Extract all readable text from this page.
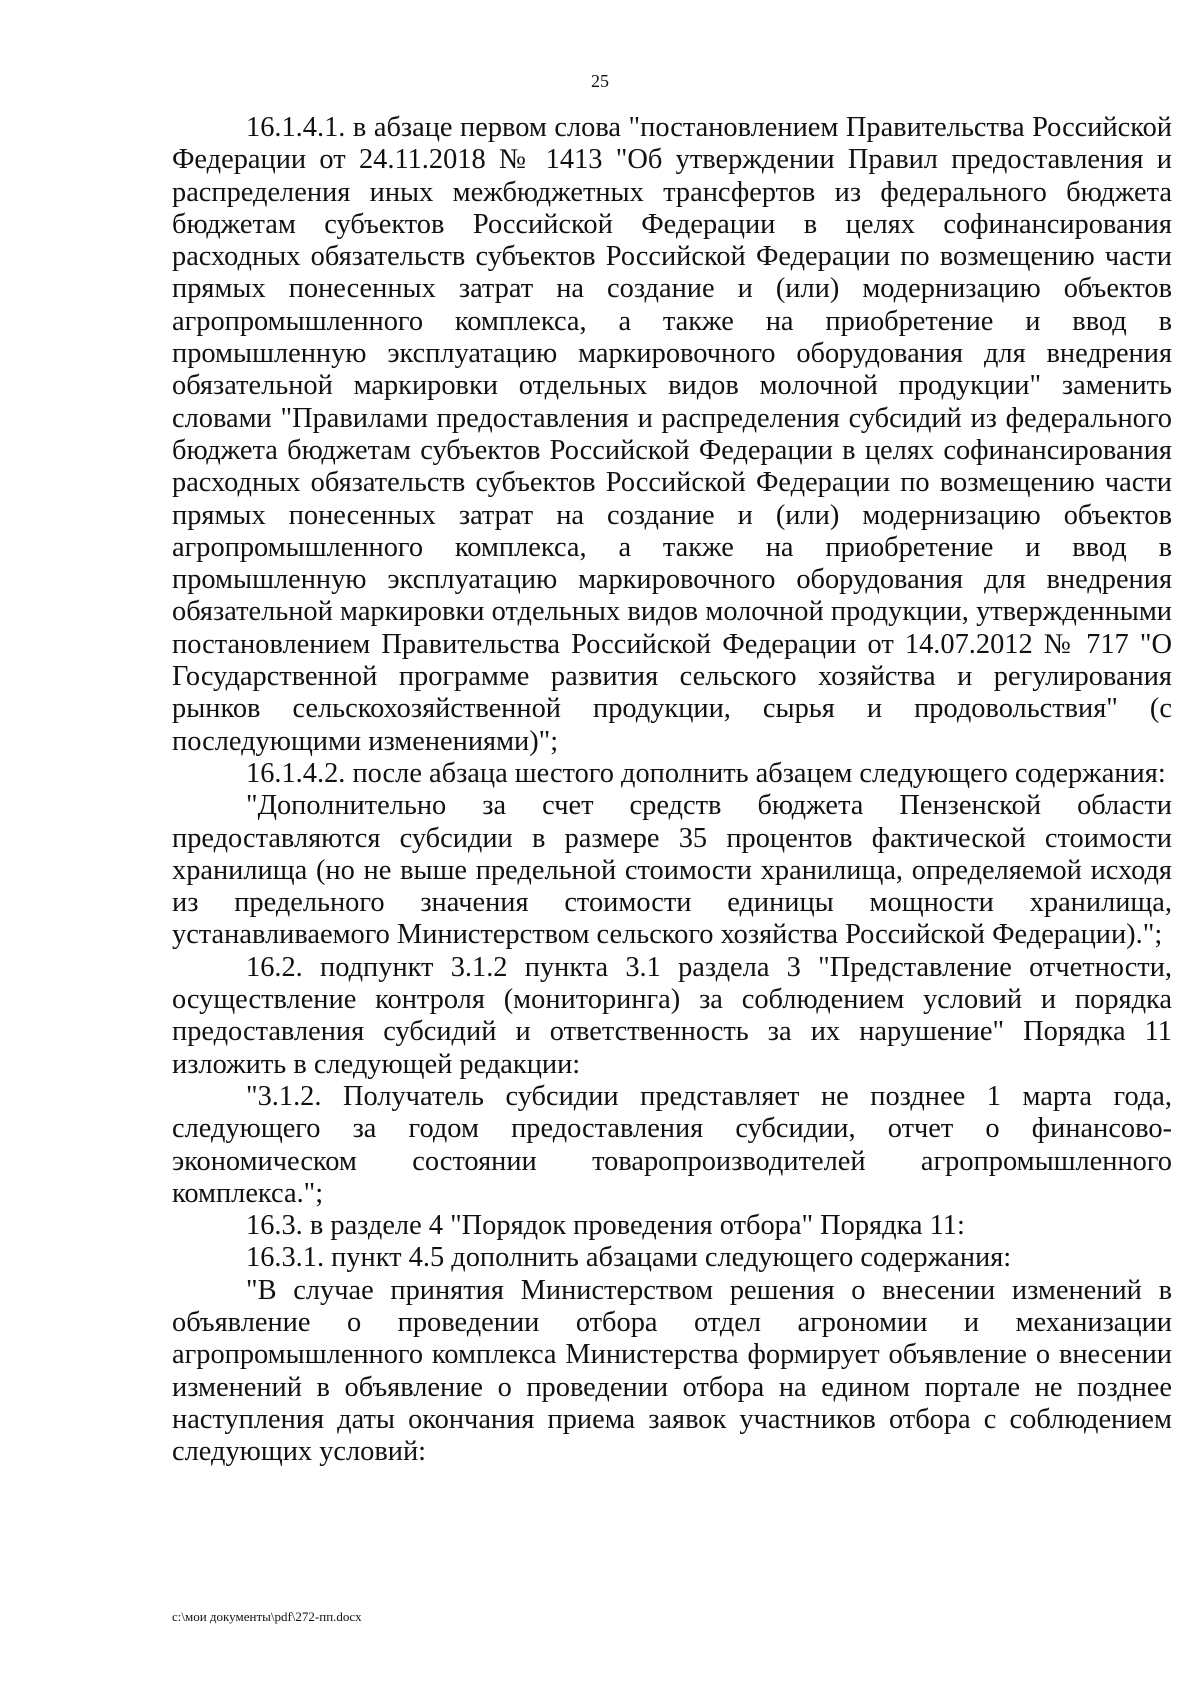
25

16.1.4.1. в абзаце первом слова "постановлением Правительства Российской Федерации от 24.11.2018 № 1413 "Об утверждении Правил предоставления и распределения иных межбюджетных трансфертов из федерального бюджета бюджетам субъектов Российской Федерации в целях софинансирования расходных обязательств субъектов Российской Федерации по возмещению части прямых понесенных затрат на создание и (или) модернизацию объектов агропромышленного комплекса, а также на приобретение и ввод в промышленную эксплуатацию маркировочного оборудования для внедрения обязательной маркировки отдельных видов молочной продукции" заменить словами "Правилами предоставления и распределения субсидий из федерального бюджета бюджетам субъектов Российской Федерации в целях софинансирования расходных обязательств субъектов Российской Федерации по возмещению части прямых понесенных затрат на создание и (или) модернизацию объектов агропромышленного комплекса, а также на приобретение и ввод в промышленную эксплуатацию маркировочного оборудования для внедрения обязательной маркировки отдельных видов молочной продукции, утвержденными постановлением Правительства Российской Федерации от 14.07.2012 № 717 "О Государственной программе развития сельского хозяйства и регулирования рынков сельскохозяйственной продукции, сырья и продовольствия" (с последующими изменениями)";

16.1.4.2. после абзаца шестого дополнить абзацем следующего содержания:

"Дополнительно за счет средств бюджета Пензенской области предоставляются субсидии в размере 35 процентов фактической стоимости хранилища (но не выше предельной стоимости хранилища, определяемой исходя из предельного значения стоимости единицы мощности хранилища, устанавливаемого Министерством сельского хозяйства Российской Федерации).";

16.2. подпункт 3.1.2 пункта 3.1 раздела 3 "Представление отчетности, осуществление контроля (мониторинга) за соблюдением условий и порядка предоставления субсидий и ответственность за их нарушение" Порядка 11 изложить в следующей редакции:

"3.1.2. Получатель субсидии представляет не позднее 1 марта года, следующего за годом предоставления субсидии, отчет о финансово-экономическом состоянии товаропроизводителей агропромышленного комплекса.";

16.3. в разделе 4 "Порядок проведения отбора" Порядка 11:

16.3.1. пункт 4.5 дополнить абзацами следующего содержания:

"В случае принятия Министерством решения о внесении изменений в объявление о проведении отбора отдел агрономии и механизации агропромышленного комплекса Министерства формирует объявление о внесении изменений в объявление о проведении отбора на едином портале не позднее наступления даты окончания приема заявок участников отбора с соблюдением следующих условий:

c:\мои документы\pdf\272-пп.docx
